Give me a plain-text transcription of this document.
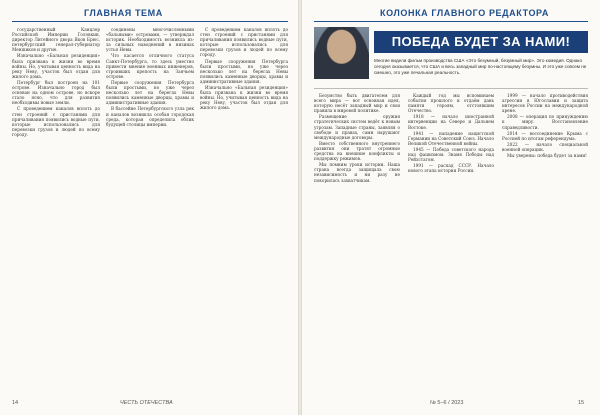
ГЛАВНАЯ ТЕМА

государственный Канцлер Российской Империи Головкин, директор Литейного двора Яков Брюс, петербургский генерал-губернатор Меншиков и другие.

Изначально «Бальная резиденция» была призвана к жизни во время войны. Но, учитывая ценность вида на реку Неву, участок был отдан для жилого дома.

Петербург был построен на 101 острове. Изначально город был основан на одном острове, но вскоре стало ясно, что для развития необходимы новые земли.

С проведением каналов вплоть до стен строений с пристанями для причаливания появились водные пути, которые использовались для перевозки грузов и людей по всему городу.

соединены многочисленными «бальными» островами, — утверждал историк. Необходимость возникла из-за сильных наводнений в низинах устья Невы.

Что касается отличного статуса Санкт-Петербурга, то здесь уместно привести мнение военных инженеров, строивших крепость на Заячьем острове.

Первые сооружения Петербурга были простыми, но уже через несколько лет на берегах Невы появились каменные дворцы, храмы и административные здания.

В бассейне Петербургского узла рек и каналов возникла особая городская среда, которая определила облик будущей столицы империи.

С проведением каналов вплоть до стен строений с пристанями для причаливания появились водные пути, которые использовались для перевозки грузов и людей по всему городу.

Первые сооружения Петербурга были простыми, но уже через несколько лет на берегах Невы появились каменные дворцы, храмы и административные здания.

Изначально «Бальная резиденция» была призвана к жизни во время войны. Но, учитывая ценность вида на реку Неву, участок был отдан для жилого дома.

14	ЧЕСТЬ ОТЕЧЕСТВА
КОЛОНКА ГЛАВНОГО РЕДАКТОРА
ПОБЕДА БУДЕТ ЗА НАМИ!
Многие видели фильм производства США «Это безумный, безумный мир». Это комедия. Однако сегодня оказывается, что США и весь западный мир по-настоящему безумны. И это уже совсем не смешно, это уже печальная реальность.

Безумство быть двигателем для всего мира — вот основная идея, которую несёт западный мир и свои правила в мировой политике.

Размещение оружия стратегических систем ведёт к новым угрозам. Западные страны, заявляя о свободе и правах, сами нарушают международные договоры.

Вместо собственного внутреннего развития они тратят огромные средства на внешние конфликты и поддержку режимов.

Мы помним уроки истории. Наша страна всегда защищала свою независимость и ни разу не покорилась захватчикам.

Каждый год мы вспоминаем события прошлого и отдаём дань памяти героям, отстоявшим Отечество.

1918 — начало иностранной интервенции на Севере и Дальнем Востоке.

1941 — нападение нацистской Германии на Советский Союз. Начало Великой Отечественной войны.

1945 — Победа советского народа над фашизмом. Знамя Победы над Рейхстагом.

1991 — распад СССР. Начало нового этапа истории России.

1999 — начало противодействия агрессии в Югославии и защита интересов России на международной арене.

2008 — операция по принуждению к миру. Восстановление справедливости.

2014 — воссоединение Крыма с Россией по итогам референдума.

2022 — начало специальной военной операции.

Мы уверены: победа будет за нами!

№ 5–6 / 2023	15
